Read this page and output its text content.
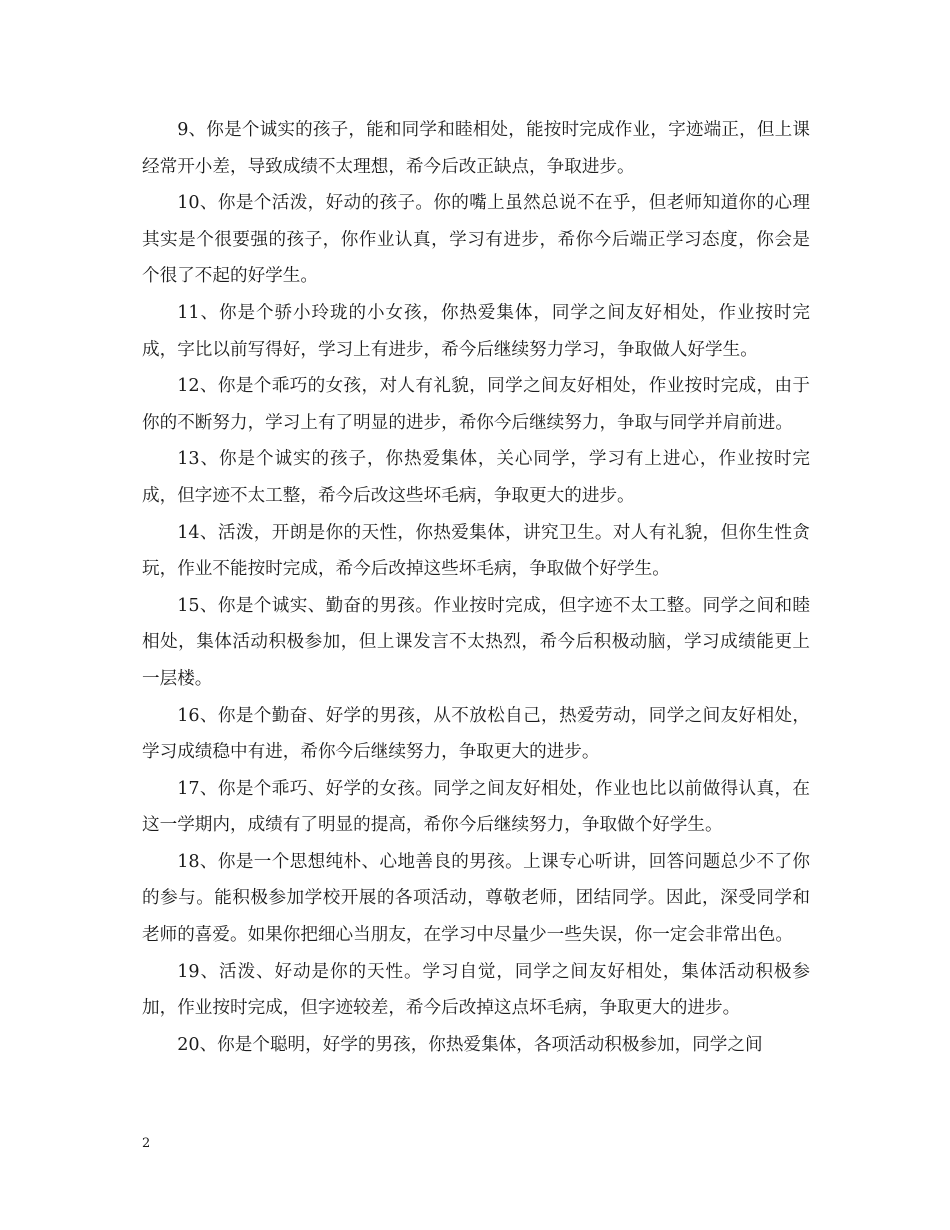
9、你是个诚实的孩子，能和同学和睦相处，能按时完成作业，字迹端正，但上课经常开小差，导致成绩不太理想，希今后改正缺点，争取进步。

10、你是个活泼，好动的孩子。你的嘴上虽然总说不在乎，但老师知道你的心理其实是个很要强的孩子，你作业认真，学习有进步，希你今后端正学习态度，你会是个很了不起的好学生。

11、你是个骄小玲珑的小女孩，你热爱集体，同学之间友好相处，作业按时完成，字比以前写得好，学习上有进步，希今后继续努力学习，争取做人好学生。

12、你是个乖巧的女孩，对人有礼貌，同学之间友好相处，作业按时完成，由于你的不断努力，学习上有了明显的进步，希你今后继续努力，争取与同学并肩前进。

13、你是个诚实的孩子，你热爱集体，关心同学，学习有上进心，作业按时完成，但字迹不太工整，希今后改这些坏毛病，争取更大的进步。

14、活泼，开朗是你的天性，你热爱集体，讲究卫生。对人有礼貌，但你生性贪玩，作业不能按时完成，希今后改掉这些坏毛病，争取做个好学生。

15、你是个诚实、勤奋的男孩。作业按时完成，但字迹不太工整。同学之间和睦相处，集体活动积极参加，但上课发言不太热烈，希今后积极动脑，学习成绩能更上一层楼。

16、你是个勤奋、好学的男孩，从不放松自己，热爱劳动，同学之间友好相处，学习成绩稳中有进，希你今后继续努力，争取更大的进步。

17、你是个乖巧、好学的女孩。同学之间友好相处，作业也比以前做得认真，在这一学期内，成绩有了明显的提高，希你今后继续努力，争取做个好学生。

18、你是一个思想纯朴、心地善良的男孩。上课专心听讲，回答问题总少不了你的参与。能积极参加学校开展的各项活动，尊敬老师，团结同学。因此，深受同学和老师的喜爱。如果你把细心当朋友，在学习中尽量少一些失误，你一定会非常出色。

19、活泼、好动是你的天性。学习自觉，同学之间友好相处，集体活动积极参加，作业按时完成，但字迹较差，希今后改掉这点坏毛病，争取更大的进步。

20、你是个聪明，好学的男孩，你热爱集体，各项活动积极参加，同学之间

2
